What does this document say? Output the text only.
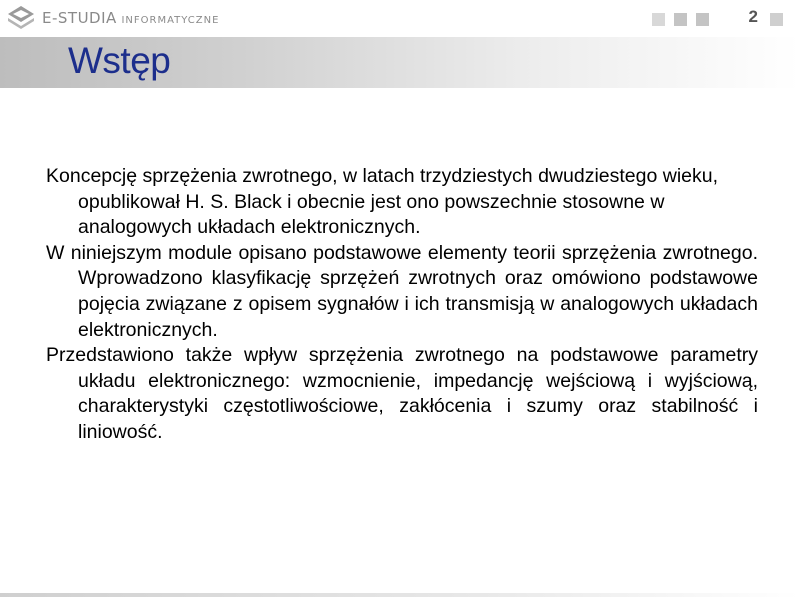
E-STUDIA INFORMATYCZNE	2
Wstęp

Koncepcję sprzężenia zwrotnego, w latach trzydziestych dwudziestego wieku, opublikował H. S. Black i obecnie jest ono powszechnie stosowne w analogowych układach elektronicznych.

W niniejszym module opisano podstawowe elementy teorii sprzężenia zwrotnego. Wprowadzono klasyfikację sprzężeń zwrotnych oraz omówiono podstawowe pojęcia związane z opisem sygnałów i ich transmisją w analogowych układach elektronicznych.

Przedstawiono także wpływ sprzężenia zwrotnego na podstawowe parametry układu elektronicznego: wzmocnienie, impedancję wejściową i wyjściową, charakterystyki częstotliwościowe, zakłócenia i szumy oraz stabilność i liniowość.
